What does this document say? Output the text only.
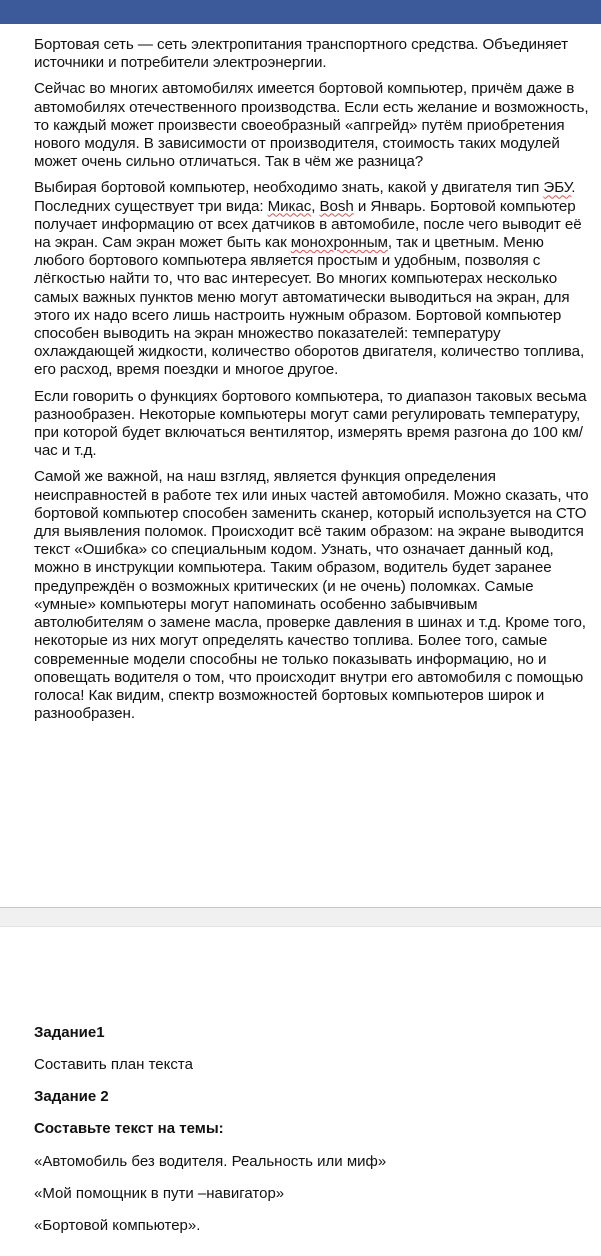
Бортовая сеть — сеть электропитания транспортного средства. Объединяет источники и потребители электроэнергии.

Сейчас во многих автомобилях имеется бортовой компьютер, причём даже в автомобилях отечественного производства. Если есть желание и возможность, то каждый может произвести своеобразный «апгрейд» путём приобретения нового модуля. В зависимости от производителя, стоимость таких модулей может очень сильно отличаться. Так в чём же разница?

Выбирая бортовой компьютер, необходимо знать, какой у двигателя тип ЭБУ. Последних существует три вида: Микас, Bosh и Январь. Бортовой компьютер получает информацию от всех датчиков в автомобиле, после чего выводит её на экран. Сам экран может быть как монохронным, так и цветным. Меню любого бортового компьютера является простым и удобным, позволяя с лёгкостью найти то, что вас интересует. Во многих компьютерах несколько самых важных пунктов меню могут автоматически выводиться на экран, для этого их надо всего лишь настроить нужным образом. Бортовой компьютер способен выводить на экран множество показателей: температуру охлаждающей жидкости, количество оборотов двигателя, количество топлива, его расход, время поездки и многое другое.

Если говорить о функциях бортового компьютера, то диапазон таковых весьма разнообразен. Некоторые компьютеры могут сами регулировать температуру, при которой будет включаться вентилятор, измерять время разгона до 100 км/час и т.д.

Самой же важной, на наш взгляд, является функция определения неисправностей в работе тех или иных частей автомобиля. Можно сказать, что бортовой компьютер способен заменить сканер, который используется на СТО для выявления поломок. Происходит всё таким образом: на экране выводится текст «Ошибка» со специальным кодом. Узнать, что означает данный код, можно в инструкции компьютера. Таким образом, водитель будет заранее предупреждён о возможных критических (и не очень) поломках. Самые «умные» компьютеры могут напоминать особенно забывчивым автолюбителям о замене масла, проверке давления в шинах и т.д. Кроме того, некоторые из них могут определять качество топлива. Более того, самые современные модели способны не только показывать информацию, но и оповещать водителя о том, что происходит внутри его автомобиля с помощью голоса! Как видим, спектр возможностей бортовых компьютеров широк и разнообразен.

Задание1
Составить план текста
Задание 2
Составьте текст на темы:
«Автомобиль без водителя. Реальность или миф»
«Мой помощник в пути –навигатор»
«Бортовой компьютер».
